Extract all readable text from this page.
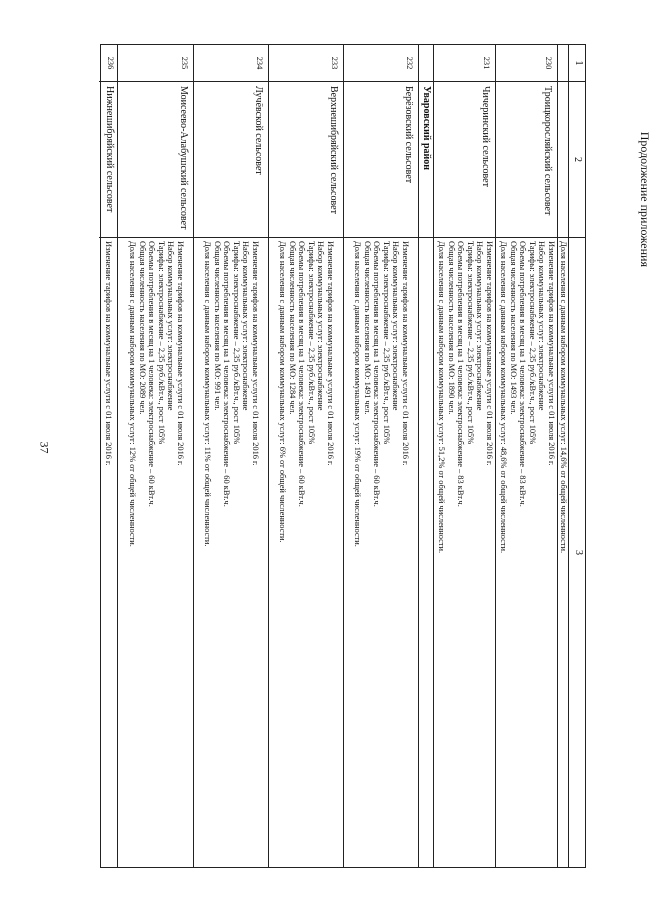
37
Продолжение приложения
1
2
3
Доля населения с данным набором коммунальных услуг: 14,6% от общей численности.
230
Троицкоросляйский сельсовет
Изменение тарифов на коммунальные услуги с 01 июля 2016 г.
Набор коммунальных услуг: электроснабжение
Тарифы: электроснабжение – 2,35 руб./кВт.ч., рост 105%
Объемы потребления в месяц на 1 человека: электроснабжение – 83 кВт.ч.
Общая численность населения по МО: 1493 чел.
Доля населения с данным набором коммунальных услуг: 48,6% от общей численности.
231
Чичеринский сельсовет
Изменение тарифов на коммунальные услуги с 01 июля 2016 г.
Набор коммунальных услуг: электроснабжение
Тарифы: электроснабжение – 2,35 руб./кВт.ч., рост 105%
Объемы потребления в месяц на 1 человека: электроснабжение – 83 кВт.ч.
Общая численность населения по МО: 1890 чел.
Доля населения с данным набором коммунальных услуг: 51,2% от общей численности.
Уваровский район
232
Берёзовский сельсовет
Изменение тарифов на коммунальные услуги с 01 июля 2016 г.
Набор коммунальных услуг: электроснабжение
Тарифы: электроснабжение – 2,35 руб./кВт.ч., рост 105%
Объемы потребления в месяц на 1 человека: электроснабжение – 60 кВт.ч.
Общая численность населения по МО: 1491 чел.
Доля населения с данным набором коммунальных услуг: 19% от общей численности.
233
Верхнешибряйский сельсовет
Изменение тарифов на коммунальные услуги с 01 июля 2016 г.
Набор коммунальных услуг: электроснабжение
Тарифы: электроснабжение – 2,35 руб./кВт.ч., рост 105%
Объемы потребления в месяц на 1 человека: электроснабжение – 60 кВт.ч.
Общая численность населения по МО: 1284 чел.
Доля населения с данным набором коммунальных услуг: 6% от общей численности.
234
Лучёвской сельсовет
Изменение тарифов на коммунальные услуги с 01 июля 2016 г.
Набор коммунальных услуг: электроснабжение
Тарифы: электроснабжение – 2,35 руб./кВт.ч., рост 105%
Объемы потребления в месяц на 1 человека: электроснабжение – 60 кВт.ч.
Общая численность населения по МО: 991 чел.
Доля населения с данным набором коммунальных услуг: 11% от общей численности.
235
Моисеево-Алабушский сельсовет
Изменение тарифов на коммунальные услуги с 01 июля 2016 г.
Набор коммунальных услуг: электроснабжение
Тарифы: электроснабжение – 2,35 руб./кВт.ч., рост 105%
Объемы потребления в месяц на 1 человека: электроснабжение – 60 кВт.ч.
Общая численность населения по МО: 2089 чел.
Доля населения с данным набором коммунальных услуг: 12% от общей численности.
236
Нижнешибряйский сельсовет
Изменение тарифов на коммунальные услуги с 01 июля 2016 г.
